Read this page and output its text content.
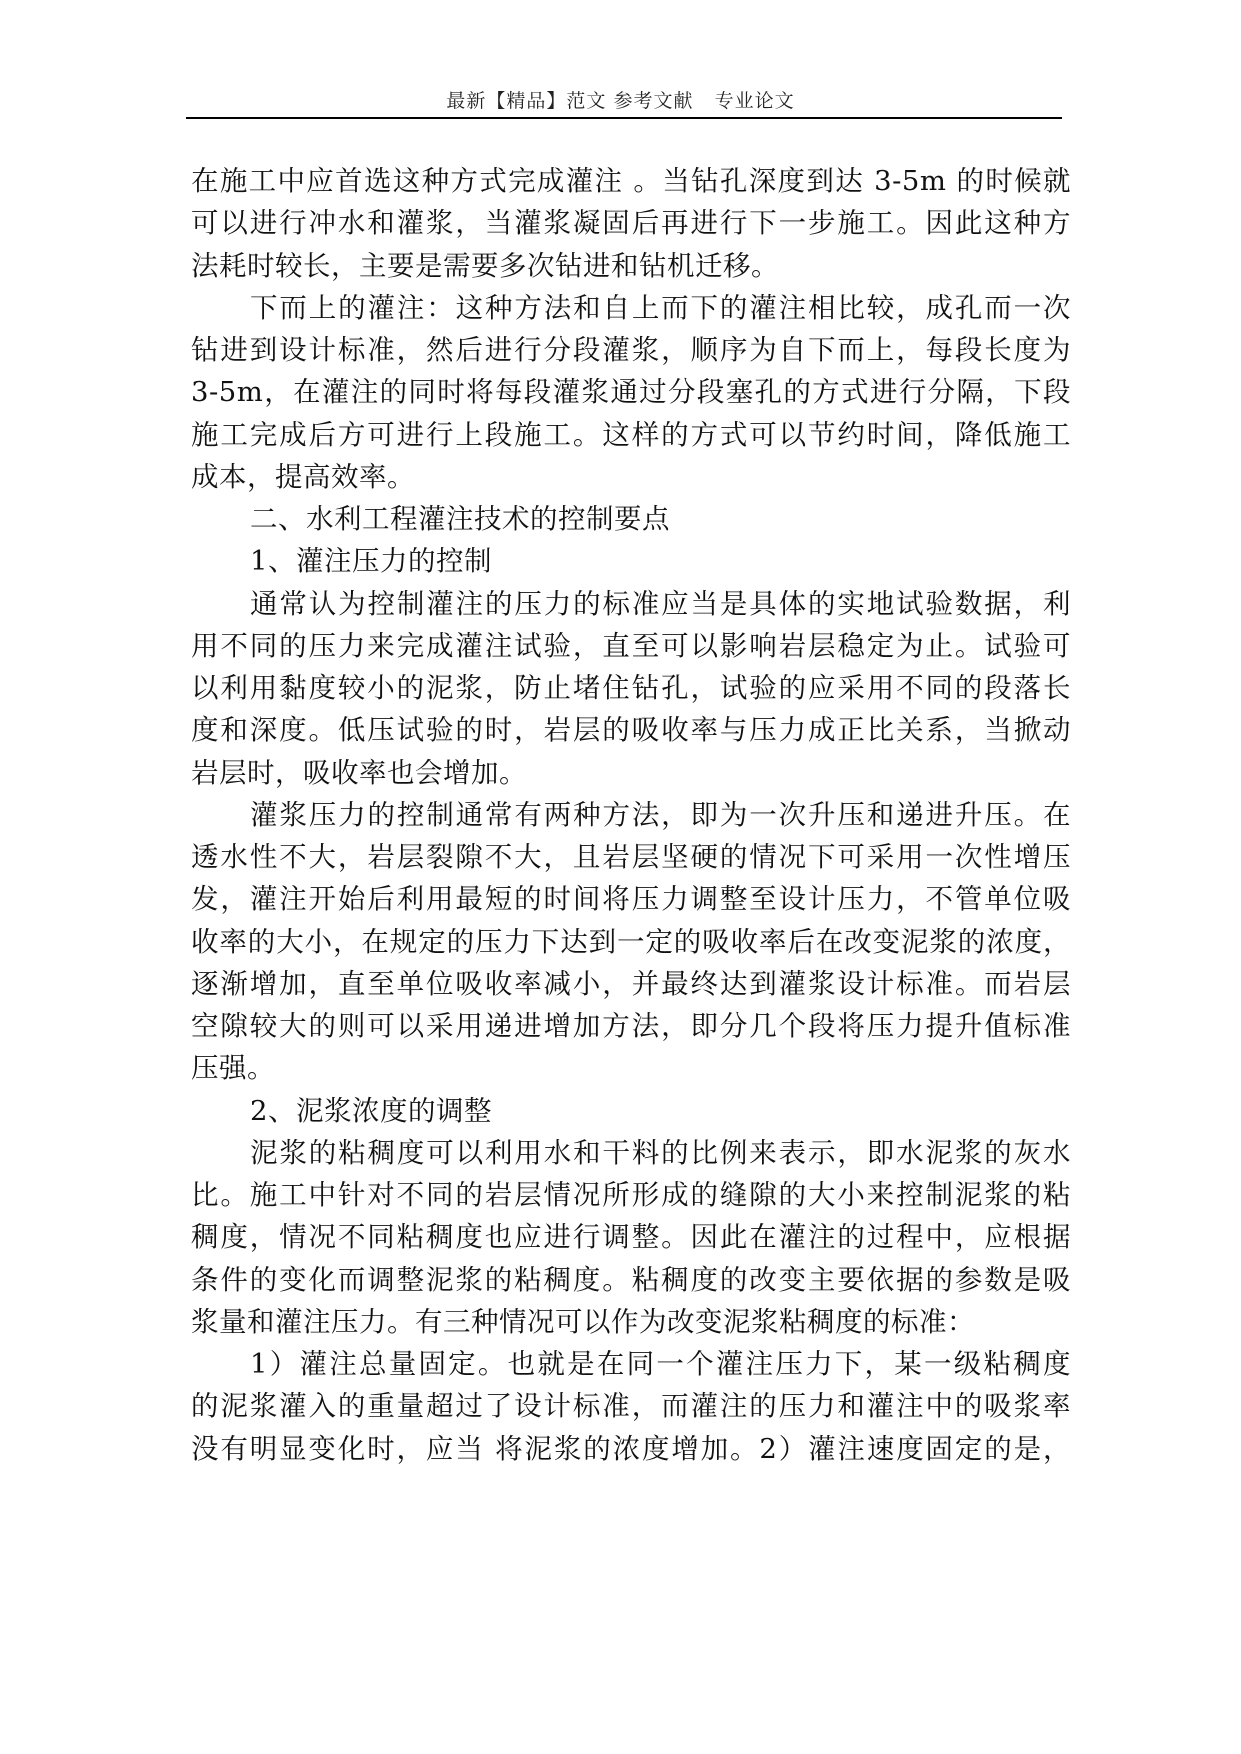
最新【精品】范文 参考文献   专业论文
在施工中应首选这种方式完成灌注 。当钻孔深度到达 3-5m 的时候就
可以进行冲水和灌浆，当灌浆凝固后再进行下一步施工。因此这种方
法耗时较长，主要是需要多次钻进和钻机迁移。
下而上的灌注：这种方法和自上而下的灌注相比较，成孔而一次
钻进到设计标准，然后进行分段灌浆，顺序为自下而上，每段长度为
3-5m，在灌注的同时将每段灌浆通过分段塞孔的方式进行分隔，下段
施工完成后方可进行上段施工。这样的方式可以节约时间，降低施工
成本，提高效率。
二、水利工程灌注技术的控制要点
1、灌注压力的控制
通常认为控制灌注的压力的标准应当是具体的实地试验数据，利
用不同的压力来完成灌注试验，直至可以影响岩层稳定为止。试验可
以利用黏度较小的泥浆，防止堵住钻孔，试验的应采用不同的段落长
度和深度。低压试验的时，岩层的吸收率与压力成正比关系，当掀动
岩层时，吸收率也会增加。
灌浆压力的控制通常有两种方法，即为一次升压和递进升压。在
透水性不大，岩层裂隙不大，且岩层坚硬的情况下可采用一次性增压
发，灌注开始后利用最短的时间将压力调整至设计压力，不管单位吸
收率的大小，在规定的压力下达到一定的吸收率后在改变泥浆的浓度，
逐渐增加，直至单位吸收率减小，并最终达到灌浆设计标准。而岩层
空隙较大的则可以采用递进增加方法，即分几个段将压力提升值标准
压强。
2、泥浆浓度的调整
泥浆的粘稠度可以利用水和干料的比例来表示，即水泥浆的灰水
比。施工中针对不同的岩层情况所形成的缝隙的大小来控制泥浆的粘
稠度，情况不同粘稠度也应进行调整。因此在灌注的过程中，应根据
条件的变化而调整泥浆的粘稠度。粘稠度的改变主要依据的参数是吸
浆量和灌注压力。有三种情况可以作为改变泥浆粘稠度的标准：
1）灌注总量固定。也就是在同一个灌注压力下，某一级粘稠度
的泥浆灌入的重量超过了设计标准，而灌注的压力和灌注中的吸浆率
没有明显变化时，应当 将泥浆的浓度增加。2）灌注速度固定的是，
